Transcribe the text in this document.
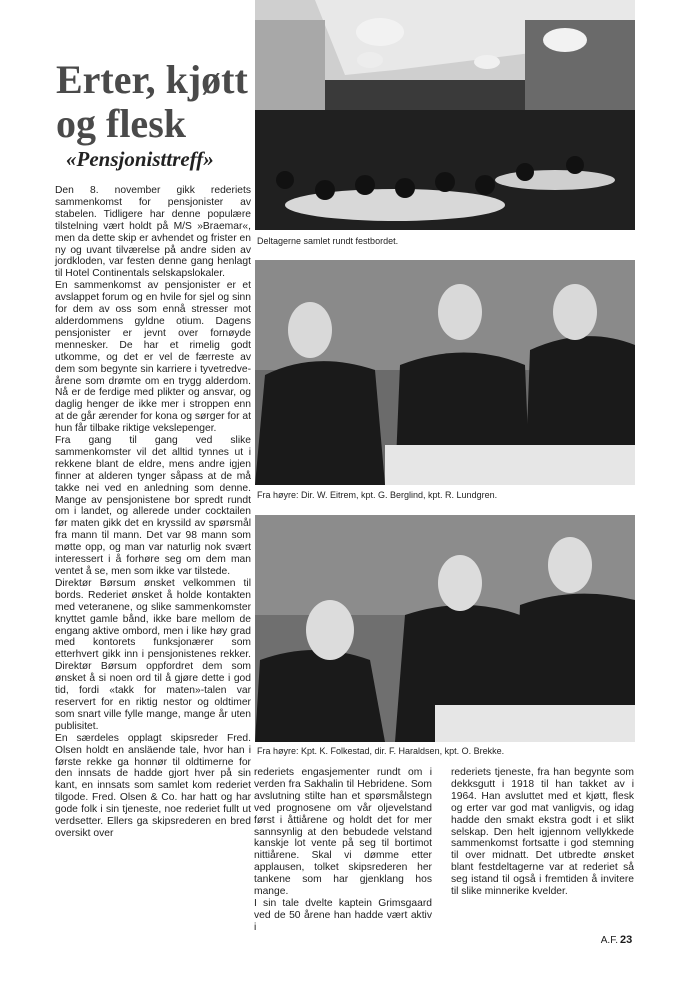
Erter, kjøtt og flesk
«Pensjonisttreff»

Den 8. november gikk rederiets sammenkomst for pensjonister av stabelen. Tidligere har denne populære tilstelning vært holdt på M/S »Braemar«, men da dette skip er avhendet og frister en ny og uvant tilværelse på andre siden av jordkloden, var festen denne gang henlagt til Hotel Continentals selskapslokaler.

En sammenkomst av pensjonister er et avslappet forum og en hvile for sjel og sinn for dem av oss som ennå stresser mot alderdommens gyldne otium. Dagens pensjonister er jevnt over fornøyde mennesker. De har et rimelig godt utkomme, og det er vel de færreste av dem som begynte sin karriere i tyvetredve-årene som drømte om en trygg alderdom. Nå er de ferdige med plikter og ansvar, og daglig henger de ikke mer i stroppen enn at de går ærender for kona og sørger for at hun får tilbake riktige vekslepenger.

Fra gang til gang ved slike sammenkomster vil det alltid tynnes ut i rekkene blant de eldre, mens andre igjen finner at alderen tynger såpass at de må takke nei ved en anledning som denne. Mange av pensjonistene bor spredt rundt om i landet, og allerede under cocktailen før maten gikk det en kryssild av spørsmål fra mann til mann. Det var 98 mann som møtte opp, og man var naturlig nok svært interessert i å forhøre seg om dem man ventet å se, men som ikke var tilstede.

Direktør Børsum ønsket velkommen til bords. Rederiet ønsket å holde kontakten med veteranene, og slike sammenkomster knyttet gamle bånd, ikke bare mellom de engang aktive ombord, men i like høy grad med kontorets funksjonærer som etterhvert gikk inn i pensjonistenes rekker. Direktør Børsum oppfordret dem som ønsket å si noen ord til å gjøre dette i god tid, fordi «takk for maten»-talen var reservert for en riktig nestor og oldtimer som snart ville fylle mange, mange år uten publisitet.

En særdeles opplagt skipsreder Fred. Olsen holdt en ansläende tale, hvor han i første rekke ga honnør til oldtimerne for den innsats de hadde gjort hver på sin kant, en innsats som samlet kom rederiet tilgode. Fred. Olsen & Co. har hatt og har gode folk i sin tjeneste, noe rederiet fullt ut verdsetter. Ellers ga skipsrederen en bred oversikt over

Deltagerne samlet rundt festbordet.
Fra høyre: Dir. W. Eitrem, kpt. G. Berglind, kpt. R. Lundgren.
Fra høyre: Kpt. K. Folkestad, dir. F. Haraldsen, kpt. O. Brekke.

rederiets engasjementer rundt om i verden fra Sakhalin til Hebridene. Som avslutning stilte han et spørsmålstegn ved prognosene om vår oljevelstand først i åttiårene og holdt det for mer sannsynlig at den bebudede velstand kanskje lot vente på seg til bortimot nittiårene. Skal vi dømme etter applausen, tolket skipsrederen her tankene som har gjenklang hos mange.

I sin tale dvelte kaptein Grimsgaard ved de 50 årene han hadde vært aktiv i

rederiets tjeneste, fra han begynte som dekksgutt i 1918 til han takket av i 1964. Han avsluttet med et kjøtt, flesk og erter var god mat vanligvis, og idag hadde den smakt ekstra godt i et slikt selskap. Den helt igjennom vellykkede sammenkomst fortsatte i god stemning til over midnatt. Det utbredte ønsket blant festdeltagerne var at rederiet så seg istand til også i fremtiden å invitere til slike minnerike kvelder.

A.F. 23
